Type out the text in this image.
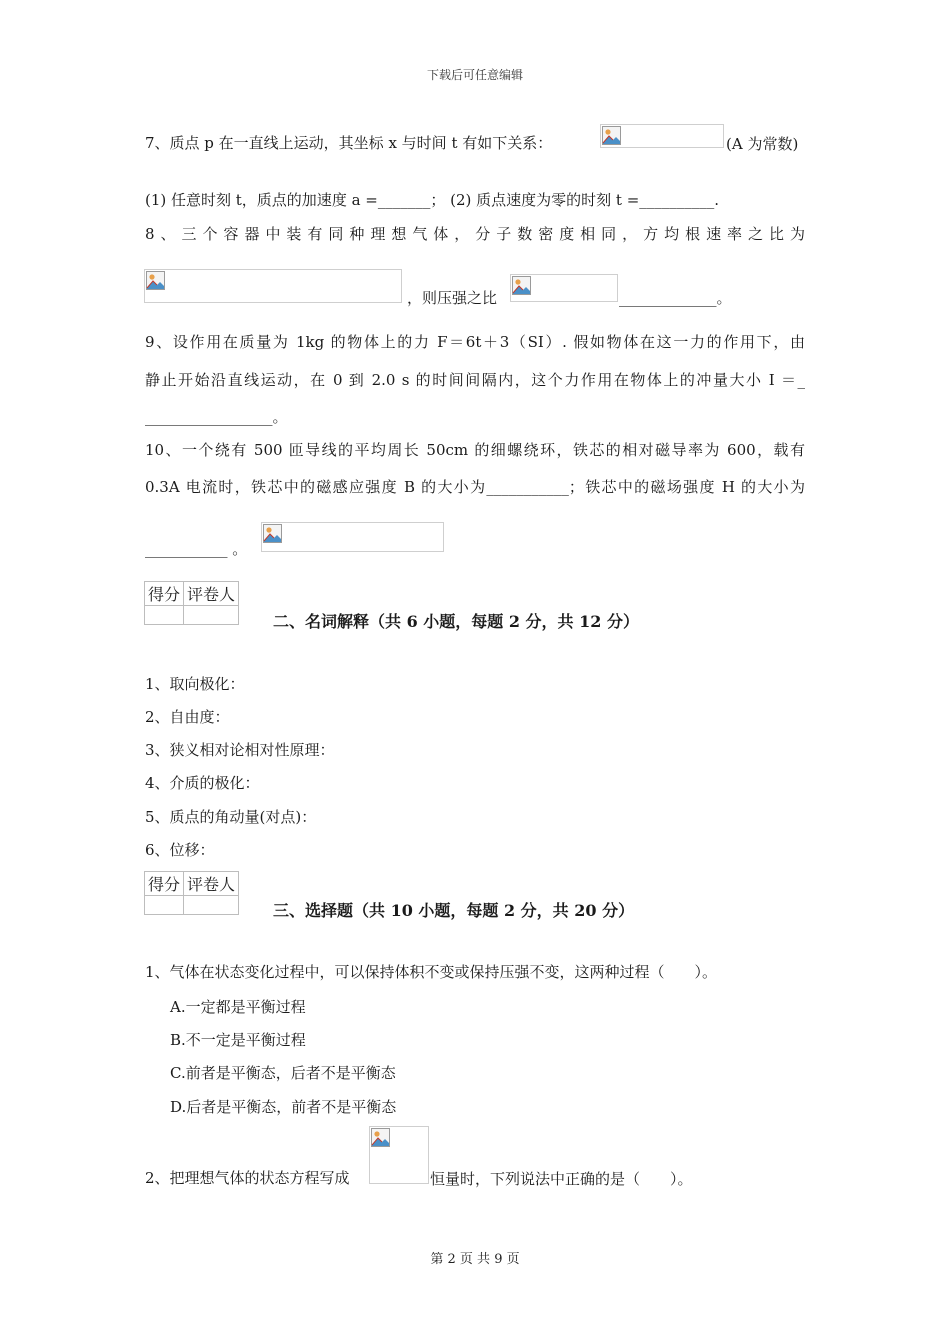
下载后可任意编辑
7、质点 p 在一直线上运动，其坐标 x 与时间 t 有如下关系：	(A 为常数)
(1) 任意时刻 t，质点的加速度 a =_______； (2) 质点速度为零的时刻 t =__________.
8、三个容器中装有同种理想气体，分子数密度相同，方均根速率之比为
，则压强之比	_____________。
9、设作用在质量为 1kg 的物体上的力 F＝6t＋3（SI）. 假如物体在这一力的作用下，由
静止开始沿直线运动，在 0 到 2.0 s 的时间间隔内，这个力作用在物体上的冲量大小 I ＝_
_________________。
10、一个绕有 500 匝导线的平均周长 50cm 的细螺绕环，铁芯的相对磁导率为 600，载有
0.3A 电流时，铁芯中的磁感应强度 B 的大小为___________；铁芯中的磁场强度 H 的大小为
___________ 。
得分	评卷人

二、名词解释（共 6 小题，每题 2 分，共 12 分）
1、取向极化：
2、自由度：
3、狭义相对论相对性原理：
4、介质的极化：
5、质点的角动量(对点)：
6、位移：
得分	评卷人

三、选择题（共 10 小题，每题 2 分，共 20 分）
1、气体在状态变化过程中，可以保持体积不变或保持压强不变，这两种过程（　　）。
A.一定都是平衡过程
B.不一定是平衡过程
C.前者是平衡态，后者不是平衡态
D.后者是平衡态，前者不是平衡态
2、把理想气体的状态方程写成	恒量时，下列说法中正确的是（　　）。
第 2 页 共 9 页
